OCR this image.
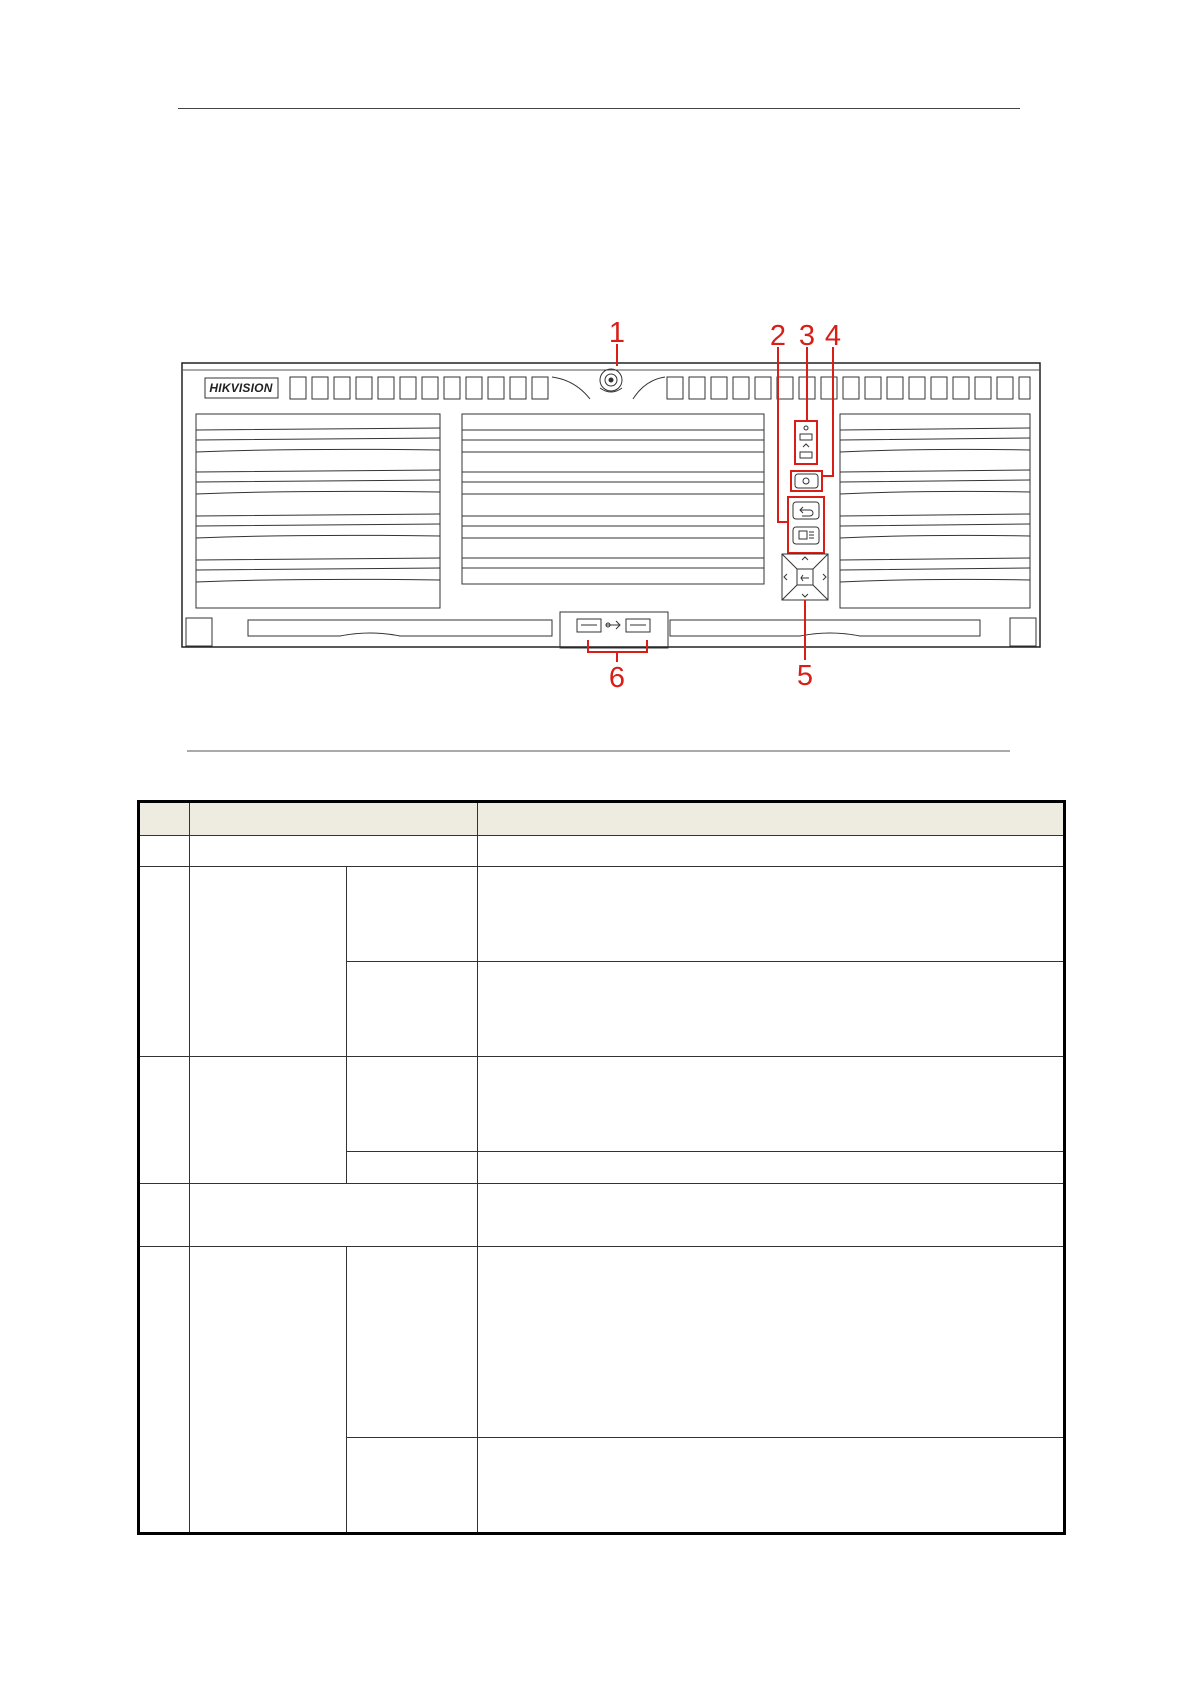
HIKVISION
1	2 3 4
5
6
